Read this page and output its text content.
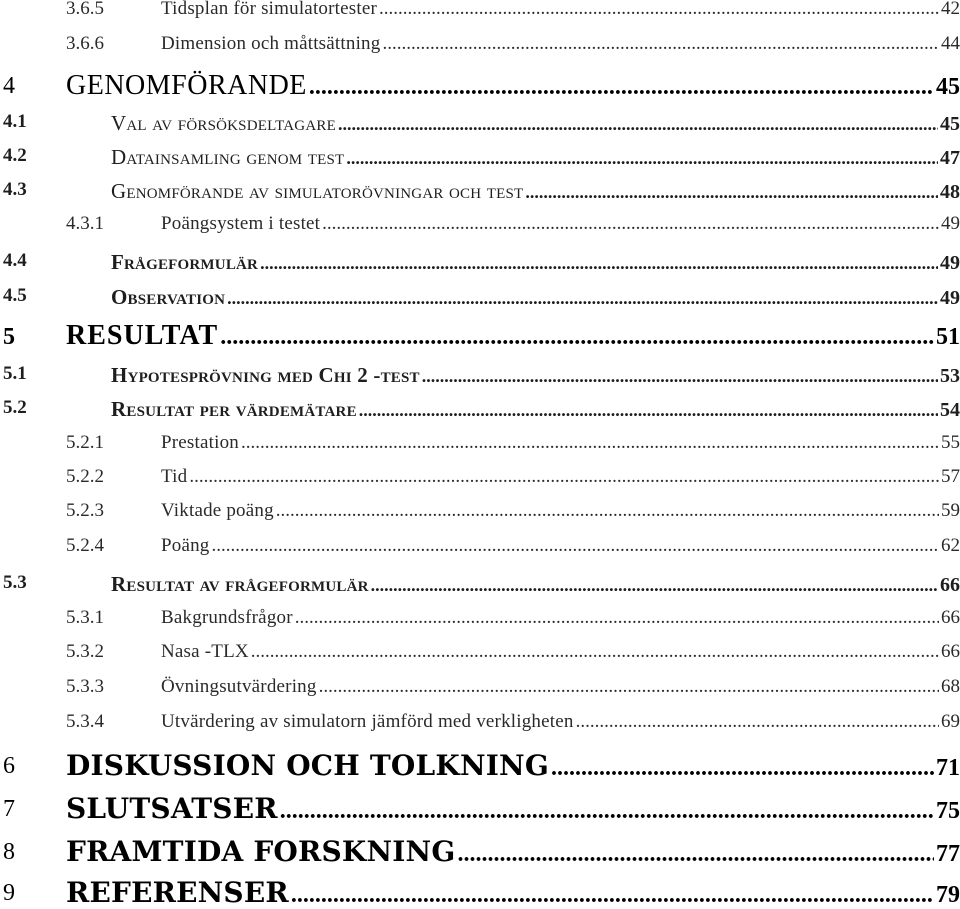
3.6.5	Tidsplan för simulatortester .....	42
3.6.6	Dimension och måttsättning .....	44
4 GENOMFÖRANDE .....	45
4.1	Val av försöksdeltagare .....	45
4.2	Datainsamling genom test .....	47
4.3	Genomförande av simulatorövningar och test .....	48
4.3.1	Poängsystem i testet .....	49
4.4	Frågeformulär .....	49
4.5	Observation .....	49
5 RESULTAT .....	51
5.1	Hypotesprövning med Chi 2 -test .....	53
5.2	Resultat per värdemätare .....	54
5.2.1	Prestation .....	55
5.2.2	Tid .....	57
5.2.3	Viktade poäng .....	59
5.2.4	Poäng .....	62
5.3	Resultat av frågeformulär .....	66
5.3.1	Bakgrundsfrågor .....	66
5.3.2	Nasa -TLX .....	66
5.3.3	Övningsutvärdering .....	68
5.3.4	Utvärdering av simulatorn jämförd med verkligheten .....	69
6 DISKUSSION OCH TOLKNING .....	71
7 SLUTSATSER .....	75
8 FRAMTIDA FORSKNING .....	77
9 REFERENSER .....	79
